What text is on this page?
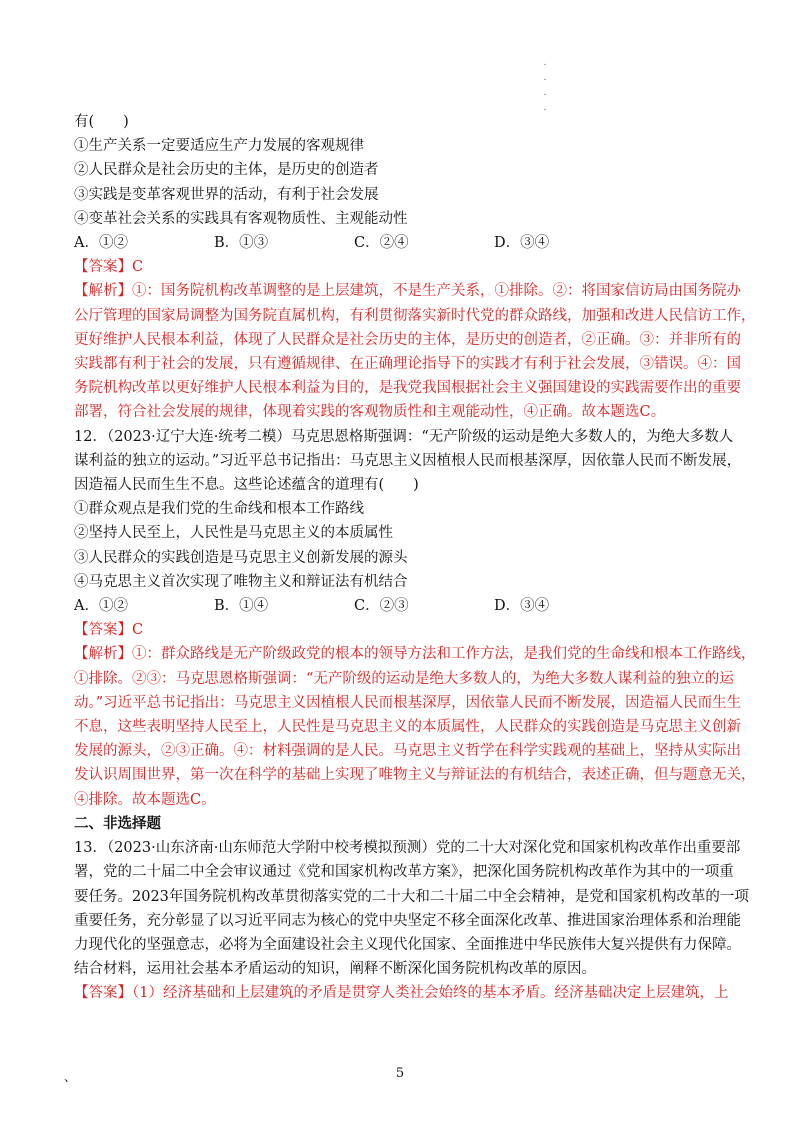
.
.
.
.
有(　　)
①生产关系一定要适应生产力发展的客观规律
②人民群众是社会历史的主体，是历史的创造者
③实践是变革客观世界的活动，有利于社会发展
④变革社会关系的实践具有客观物质性、主观能动性
A．①②	B．①③	C．②④	D．③④
【答案】C
【解析】①：国务院机构改革调整的是上层建筑，不是生产关系，①排除。②：将国家信访局由国务院办
公厅管理的国家局调整为国务院直属机构，有利贯彻落实新时代党的群众路线，加强和改进人民信访工作，
更好维护人民根本利益，体现了人民群众是社会历史的主体，是历史的创造者，②正确。③：并非所有的
实践都有利于社会的发展，只有遵循规律、在正确理论指导下的实践才有利于社会发展，③错误。④：国
务院机构改革以更好维护人民根本利益为目的，是我党我国根据社会主义强国建设的实践需要作出的重要
部署，符合社会发展的规律，体现着实践的客观物质性和主观能动性，④正确。故本题选C。
12．（2023·辽宁大连·统考二模）马克思恩格斯强调：“无产阶级的运动是绝大多数人的，为绝大多数人
谋利益的独立的运动。”习近平总书记指出：马克思主义因植根人民而根基深厚，因依靠人民而不断发展，
因造福人民而生生不息。这些论述蕴含的道理有(　　)
①群众观点是我们党的生命线和根本工作路线
②坚持人民至上，人民性是马克思主义的本质属性
③人民群众的实践创造是马克思主义创新发展的源头
④马克思主义首次实现了唯物主义和辩证法有机结合
A．①②	B．①④	C．②③	D．③④
【答案】C
【解析】①：群众路线是无产阶级政党的根本的领导方法和工作方法，是我们党的生命线和根本工作路线，
①排除。②③：马克思恩格斯强调：“无产阶级的运动是绝大多数人的，为绝大多数人谋利益的独立的运
动。”习近平总书记指出：马克思主义因植根人民而根基深厚，因依靠人民而不断发展，因造福人民而生生
不息，这些表明坚持人民至上，人民性是马克思主义的本质属性，人民群众的实践创造是马克思主义创新
发展的源头，②③正确。④：材料强调的是人民。马克思主义哲学在科学实践观的基础上，坚持从实际出
发认识周围世界，第一次在科学的基础上实现了唯物主义与辩证法的有机结合，表述正确，但与题意无关，
④排除。故本题选C。
二、非选择题
13．（2023·山东济南·山东师范大学附中校考模拟预测）党的二十大对深化党和国家机构改革作出重要部
署，党的二十届二中全会审议通过《党和国家机构改革方案》，把深化国务院机构改革作为其中的一项重
要任务。2023年国务院机构改革贯彻落实党的二十大和二十届二中全会精神，是党和国家机构改革的一项
重要任务，充分彰显了以习近平同志为核心的党中央坚定不移全面深化改革、推进国家治理体系和治理能
力现代化的坚强意志，必将为全面建设社会主义现代化国家、全面推进中华民族伟大复兴提供有力保障。
结合材料，运用社会基本矛盾运动的知识，阐释不断深化国务院机构改革的原因。
【答案】（1）经济基础和上层建筑的矛盾是贯穿人类社会始终的基本矛盾。经济基础决定上层建筑，上
、	5
